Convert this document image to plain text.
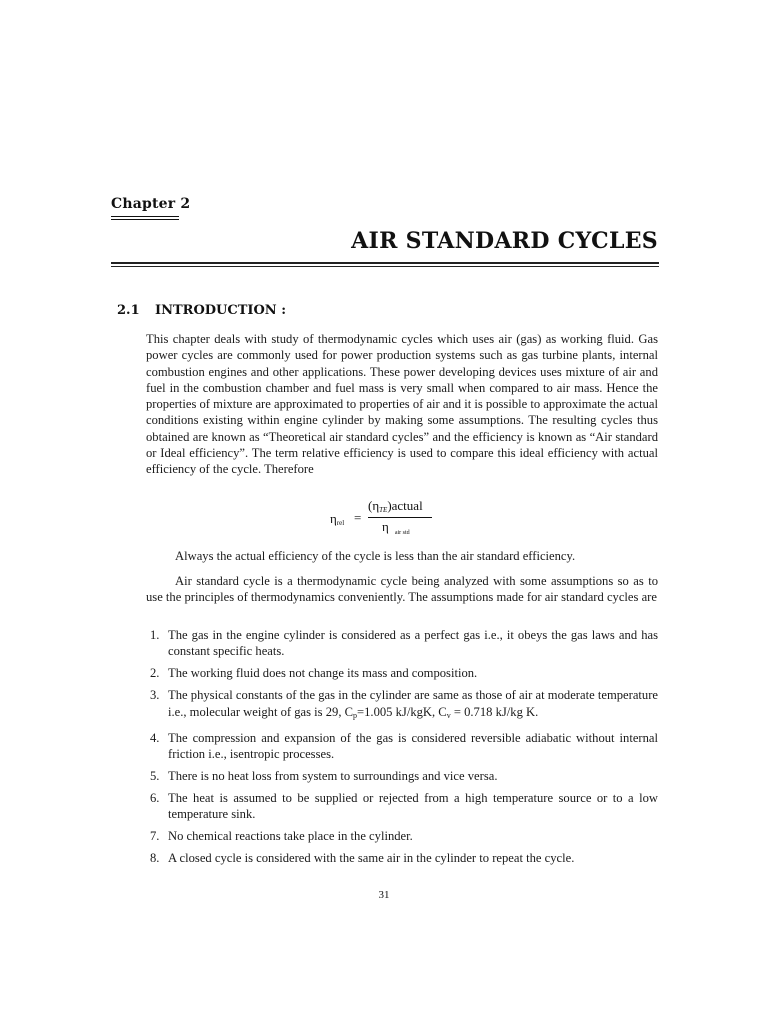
Chapter 2
AIR STANDARD CYCLES
2.1 INTRODUCTION :
This chapter deals with study of thermodynamic cycles which uses air (gas) as working fluid. Gas power cycles are commonly used for power production systems such as gas turbine plants, internal combustion engines and other applications. These power developing devices uses mixture of air and fuel in the combustion chamber and fuel mass is very small when compared to air mass. Hence the properties of mixture are approximated to properties of air and it is possible to approximate the actual conditions existing within engine cylinder by making some assumptions. The resulting cycles thus obtained are known as “Theoretical air standard cycles” and the efficiency is known as “Air standard or Ideal efficiency”. The term relative efficiency is used to compare this ideal efficiency with actual efficiency of the cycle. Therefore
ηrel =
(ηTE)actual
η $_{air std}$
Always the actual efficiency of the cycle is less than the air standard efficiency.
Air standard cycle is a thermodynamic cycle being analyzed with some assumptions so as to use the principles of thermodynamics conveniently. The assumptions made for air standard cycles are
1. The gas in the engine cylinder is considered as a perfect gas i.e., it obeys the gas laws and has constant specific heats.
2. The working fluid does not change its mass and composition.
3. The physical constants of the gas in the cylinder are same as those of air at moderate temperature i.e., molecular weight of gas is 29, $C_p=1.005$ kJ/kgK, $C_v = 0.718$ kJ/kg K.
4. The compression and expansion of the gas is considered reversible adiabatic without internal friction i.e., isentropic processes.
5. There is no heat loss from system to surroundings and vice versa.
6. The heat is assumed to be supplied or rejected from a high temperature source or to a low temperature sink.
7. No chemical reactions take place in the cylinder.
8. A closed cycle is considered with the same air in the cylinder to repeat the cycle.
31
